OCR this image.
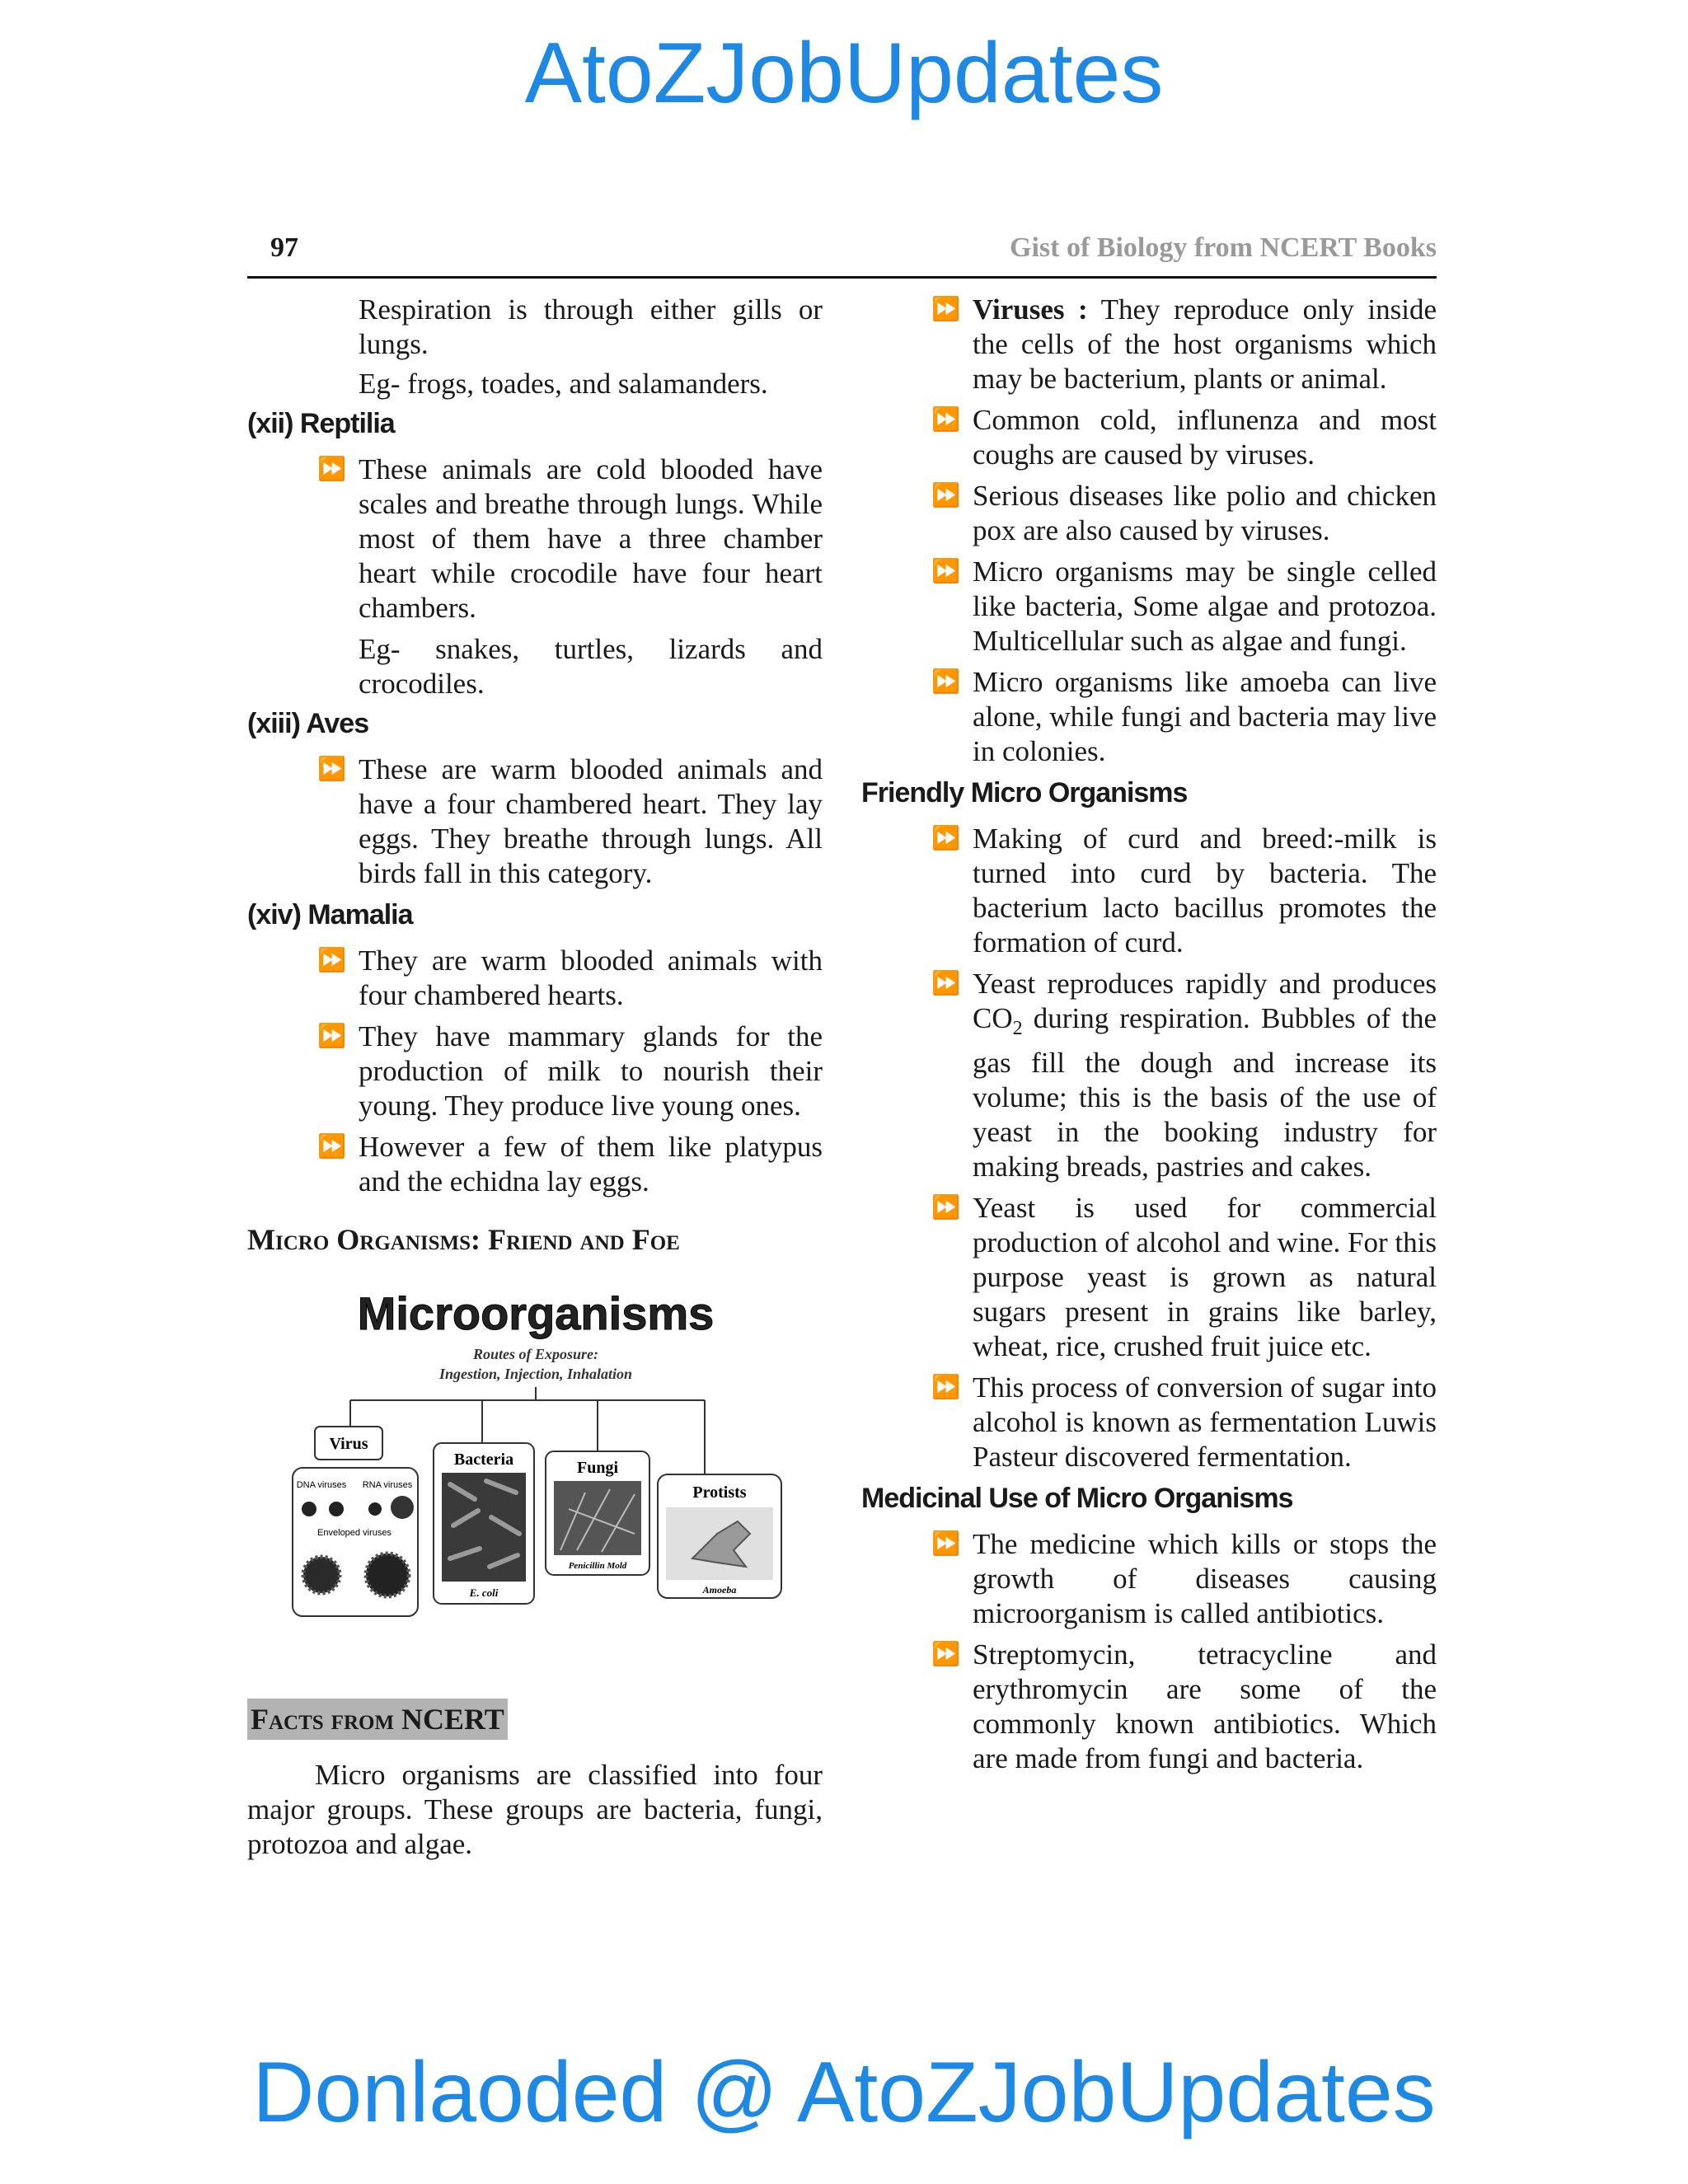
AtoZJobUpdates
97	Gist of Biology from NCERT Books

Respiration is through either gills or lungs.

Eg- frogs, toades, and salamanders.

(xii) Reptilia
⏩ These animals are cold blooded have scales and breathe through lungs. While most of them have a three chamber heart while crocodile have four heart chambers.

Eg- snakes, turtles, lizards and crocodiles.

(xiii) Aves
⏩ These are warm blooded animals and have a four chambered heart. They lay eggs. They breathe through lungs. All birds fall in this category.
(xiv) Mamalia
⏩ They are warm blooded animals with four chambered hearts.
⏩ They have mammary glands for the production of milk to nourish their young. They produce live young ones.
⏩ However a few of them like platypus and the echidna lay eggs.
Micro Organisms: Friend and Foe
Microorganisms
Routes of Exposure:
Ingestion, Injection, Inhalation
Virus
DNA viruses RNA viruses
Enveloped viruses
Bacteria
E. coli
Fungi
Penicillin Mold
Protists
Amoeba
Facts from NCERT

Micro organisms are classified into four major groups. These groups are bacteria, fungi, protozoa and algae.

⏩ Viruses : They reproduce only inside the cells of the host organisms which may be bacterium, plants or animal.
⏩ Common cold, influnenza and most coughs are caused by viruses.
⏩ Serious diseases like polio and chicken pox are also caused by viruses.
⏩ Micro organisms may be single celled like bacteria, Some algae and protozoa. Multicellular such as algae and fungi.
⏩ Micro organisms like amoeba can live alone, while fungi and bacteria may live in colonies.
Friendly Micro Organisms
⏩ Making of curd and breed:-milk is turned into curd by bacteria. The bacterium lacto bacillus promotes the formation of curd.
⏩ Yeast reproduces rapidly and produces $CO_2$ during respiration. Bubbles of the gas fill the dough and increase its volume; this is the basis of the use of yeast in the booking industry for making breads, pastries and cakes.
⏩ Yeast is used for commercial production of alcohol and wine. For this purpose yeast is grown as natural sugars present in grains like barley, wheat, rice, crushed fruit juice etc.
⏩ This process of conversion of sugar into alcohol is known as fermentation Luwis Pasteur discovered fermentation.
Medicinal Use of Micro Organisms
⏩ The medicine which kills or stops the growth of diseases causing microorganism is called antibiotics.
⏩ Streptomycin, tetracycline and erythromycin are some of the commonly known antibiotics. Which are made from fungi and bacteria.
Donlaoded @ AtoZJobUpdates
